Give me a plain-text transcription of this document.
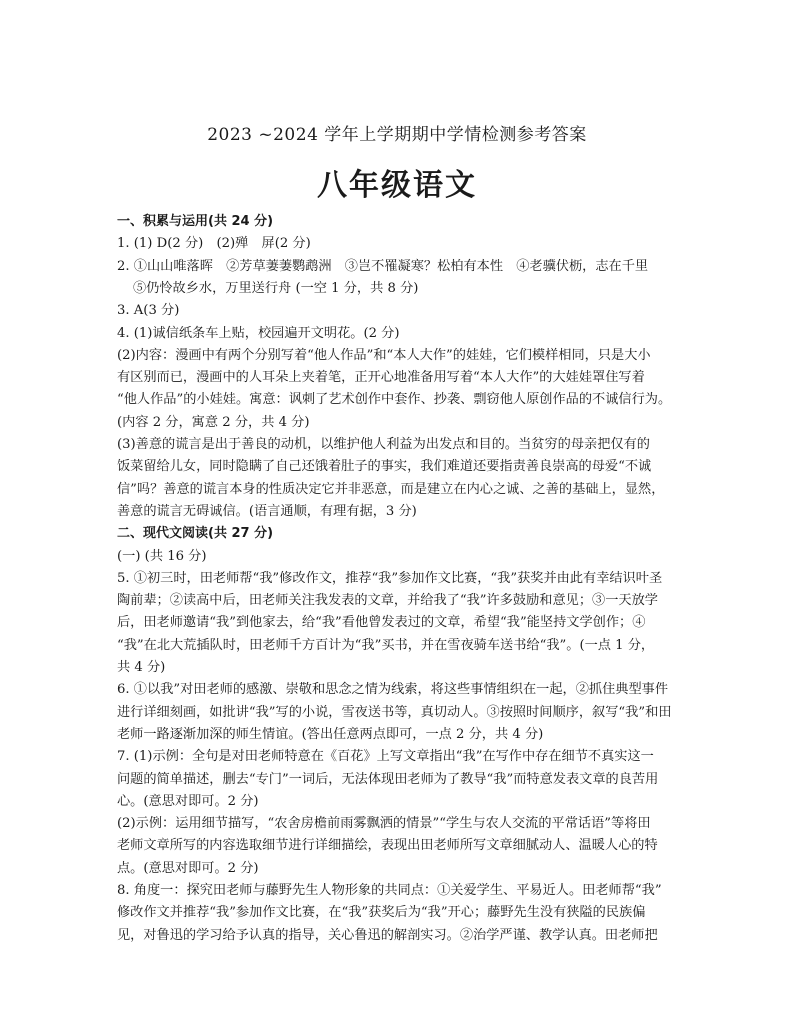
2023 ~2024 学年上学期期中学情检测参考答案
八年级语文
一、积累与运用(共 24 分)
1. (1) D(2 分)　(2)殚　屏(2 分)
2. ①山山唯落晖　②芳草萋萋鹦鹉洲　③岂不罹凝寒？松柏有本性　④老骥伏枥，志在千里
⑤仍怜故乡水，万里送行舟 (一空 1 分，共 8 分)
3. A(3 分)
4. (1)诚信纸条车上贴，校园遍开文明花。(2 分)
(2)内容：漫画中有两个分别写着“他人作品”和“本人大作”的娃娃，它们模样相同，只是大小
有区别而已，漫画中的人耳朵上夹着笔，正开心地准备用写着“本人大作”的大娃娃罩住写着
“他人作品”的小娃娃。寓意：讽刺了艺术创作中套作、抄袭、剽窃他人原创作品的不诚信行为。
(内容 2 分，寓意 2 分，共 4 分)
(3)善意的谎言是出于善良的动机，以维护他人利益为出发点和目的。当贫穷的母亲把仅有的
饭菜留给儿女，同时隐瞒了自己还饿着肚子的事实，我们难道还要指责善良崇高的母爱“不诚
信”吗？善意的谎言本身的性质决定它并非恶意，而是建立在内心之诚、之善的基础上，显然，
善意的谎言无碍诚信。(语言通顺，有理有据，3 分)
二、现代文阅读(共 27 分)
(一) (共 16 分)
5. ①初三时，田老师帮“我”修改作文，推荐“我”参加作文比赛，“我”获奖并由此有幸结识叶圣
陶前辈；②读高中后，田老师关注我发表的文章，并给我了“我”许多鼓励和意见；③一天放学
后，田老师邀请“我”到他家去，给“我”看他曾发表过的文章，希望“我”能坚持文学创作；④
“我”在北大荒插队时，田老师千方百计为“我”买书，并在雪夜骑车送书给“我”。(一点 1 分，
共 4 分)
6. ①以我”对田老师的感激、崇敬和思念之情为线索，将这些事情组织在一起，②抓住典型事件
进行详细刻画，如批讲“我”写的小说，雪夜送书等，真切动人。③按照时间顺序，叙写“我”和田
老师一路逐渐加深的师生情谊。(答出任意两点即可，一点 2 分，共 4 分)
7. (1)示例：全句是对田老师特意在《百花》上写文章指出“我”在写作中存在细节不真实这一
问题的简单描述，删去“专门”一词后，无法体现田老师为了教导“我”而特意发表文章的良苦用
心。(意思对即可。2 分)
(2)示例：运用细节描写，“农舍房檐前雨雾飘洒的情景”“学生与农人交流的平常话语”等将田
老师文章所写的内容选取细节进行详细描绘，表现出田老师所写文章细腻动人、温暖人心的特
点。(意思对即可。2 分)
8. 角度一：探究田老师与藤野先生人物形象的共同点：①关爱学生、平易近人。田老师帮“我”
修改作文并推荐“我”参加作文比赛，在“我”获奖后为“我”开心；藤野先生没有狭隘的民族偏
见，对鲁迅的学习给予认真的指导，关心鲁迅的解剖实习。②治学严谨、教学认真。田老师把
